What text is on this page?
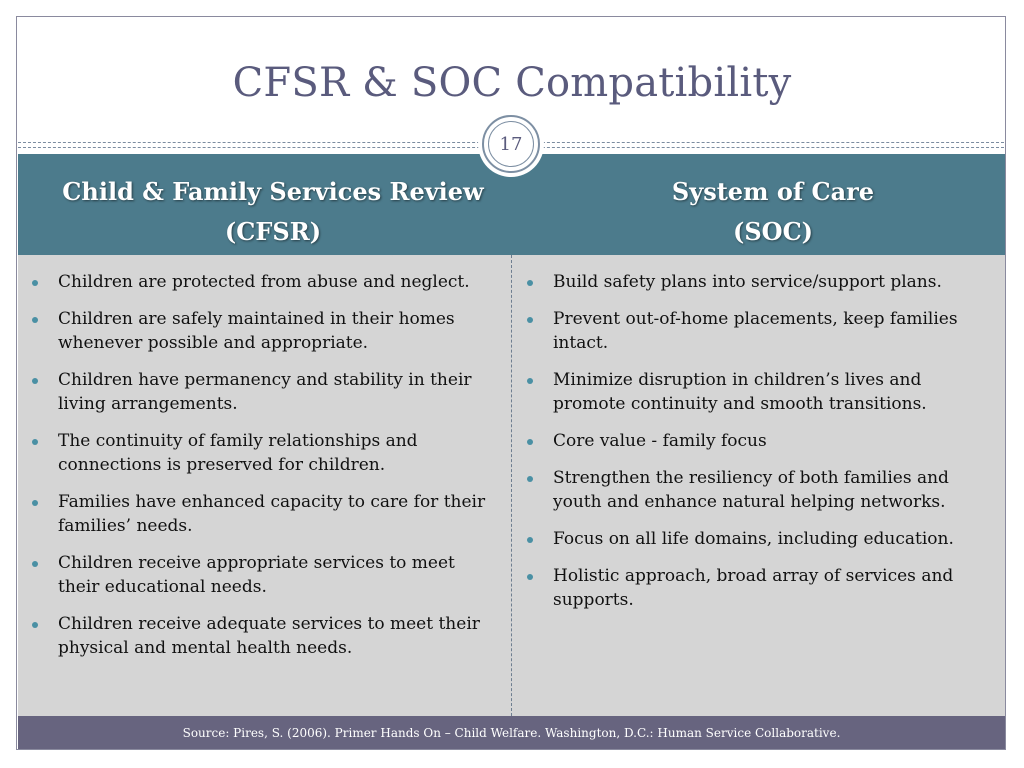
CFSR & SOC Compatibility
Child & Family Services Review
(CFSR)
System of Care
(SOC)
17
Children are protected from abuse and neglect.
Children are safely maintained in their homes whenever possible and appropriate.
Children have permanency and stability in their living arrangements.
The continuity of family relationships and connections is preserved for children.
Families have enhanced capacity to care for their families’ needs.
Children receive appropriate services to meet their educational needs.
Children receive adequate services to meet their physical and mental health needs.
Build safety plans into service/support plans.
Prevent out-of-home placements, keep families intact.
Minimize disruption in children’s lives and promote continuity and smooth transitions.
Core value - family focus
Strengthen the resiliency of both families and youth and enhance natural helping networks.
Focus on all life domains, including education.
Holistic approach, broad array of services and supports.
Source: Pires, S. (2006). Primer Hands On – Child Welfare. Washington, D.C.: Human Service Collaborative.
